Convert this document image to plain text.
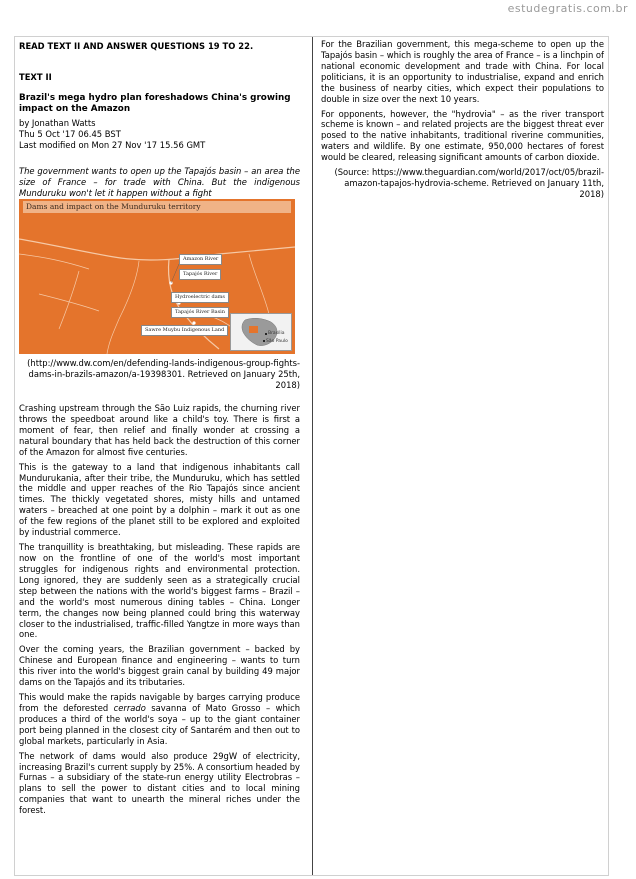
estudegratis.com.br

READ TEXT II AND ANSWER QUESTIONS 19 TO 22.

TEXT II

Brazil's mega hydro plan foreshadows China's growing impact on the Amazon

by Jonathan Watts

Thu 5 Oct '17 06.45 BST

Last modified on Mon 27 Nov '17 15.56 GMT

The government wants to open up the Tapajós basin – an area the size of France – for trade with China. But the indigenous Munduruku won't let it happen without a fight

Dams and impact on the Munduruku territory
Amazon River
Tapajós River
Hydroelectric dams
Tapajós River Basin
Sawre Muybu Indigenous Land
Brasília
São Paulo

(http://www.dw.com/en/defending-lands-indigenous-group-fights-dams-in-brazils-amazon/a-19398301. Retrieved on January 25th, 2018)

Crashing upstream through the São Luiz rapids, the churning river throws the speedboat around like a child's toy. There is first a moment of fear, then relief and finally wonder at crossing a natural boundary that has held back the destruction of this corner of the Amazon for almost five centuries.

This is the gateway to a land that indigenous inhabitants call Mundurukania, after their tribe, the Munduruku, which has settled the middle and upper reaches of the Rio Tapajós since ancient times. The thickly vegetated shores, misty hills and untamed waters – breached at one point by a dolphin – mark it out as one of the few regions of the planet still to be explored and exploited by industrial commerce.

The tranquillity is breathtaking, but misleading. These rapids are now on the frontline of one of the world's most important struggles for indigenous rights and environmental protection. Long ignored, they are suddenly seen as a strategically crucial step between the nations with the world's biggest farms – Brazil – and the world's most numerous dining tables – China. Longer term, the changes now being planned could bring this waterway closer to the industrialised, traffic-filled Yangtze in more ways than one.

Over the coming years, the Brazilian government – backed by Chinese and European finance and engineering – wants to turn this river into the world's biggest grain canal by building 49 major dams on the Tapajós and its tributaries.

This would make the rapids navigable by barges carrying produce from the deforested cerrado savanna of Mato Grosso – which produces a third of the world's soya – up to the giant container port being planned in the closest city of Santarém and then out to global markets, particularly in Asia.

The network of dams would also produce 29gW of electricity, increasing Brazil's current supply by 25%. A consortium headed by Furnas – a subsidiary of the state-run energy utility Electrobras – plans to sell the power to distant cities and to local mining companies that want to unearth the mineral riches under the forest.

For the Brazilian government, this mega-scheme to open up the Tapajós basin – which is roughly the area of France – is a linchpin of national economic development and trade with China. For local politicians, it is an opportunity to industrialise, expand and enrich the business of nearby cities, which expect their populations to double in size over the next 10 years.

For opponents, however, the "hydrovia" – as the river transport scheme is known – and related projects are the biggest threat ever posed to the native inhabitants, traditional riverine communities, waters and wildlife. By one estimate, 950,000 hectares of forest would be cleared, releasing significant amounts of carbon dioxide.

(Source: https://www.theguardian.com/world/2017/oct/05/brazil-amazon-tapajos-hydrovia-scheme. Retrieved on January 11th, 2018)
